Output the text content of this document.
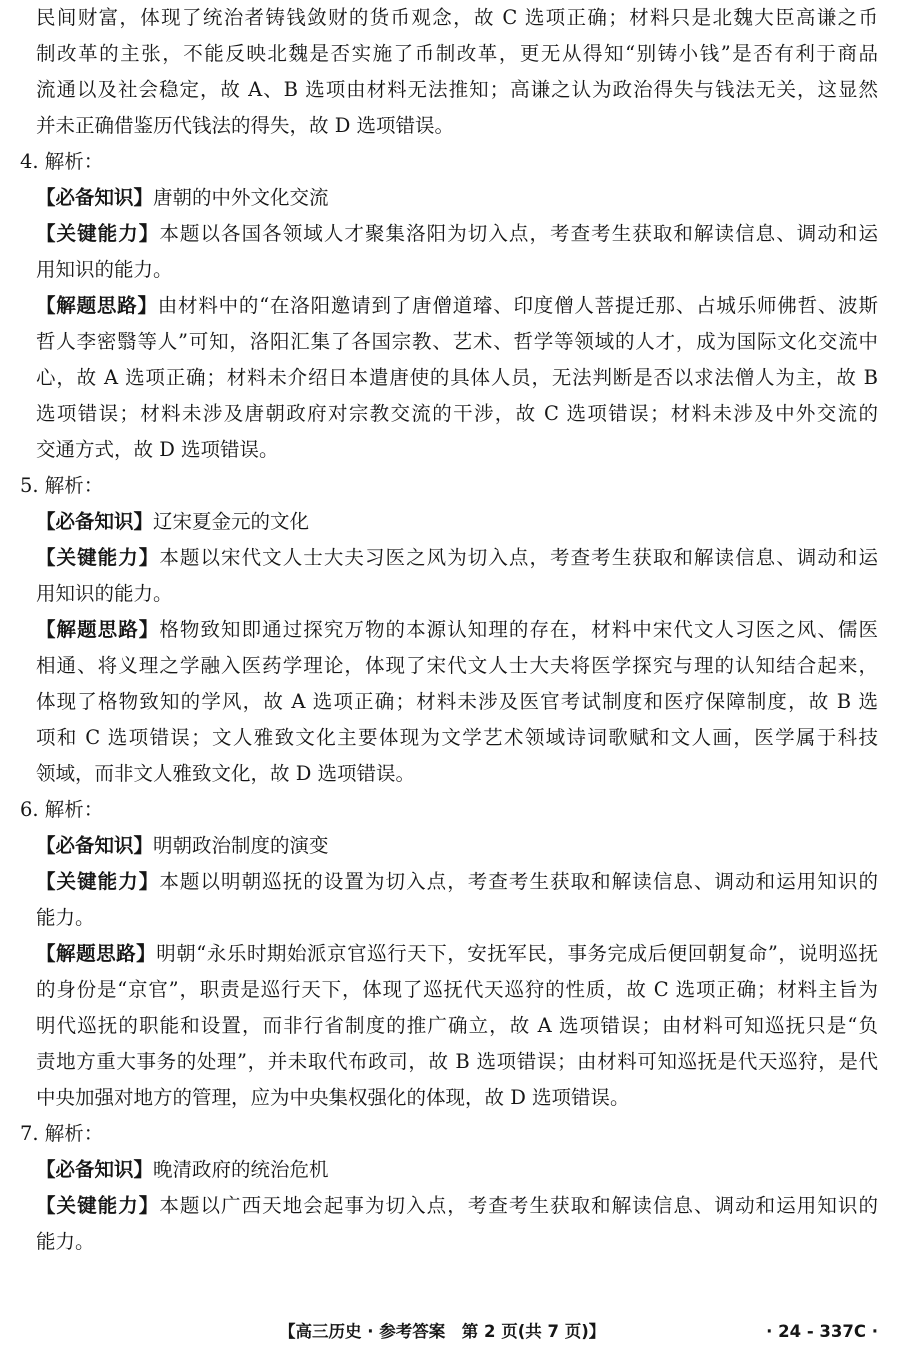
民间财富，体现了统治者铸钱敛财的货币观念，故 C 选项正确；材料只是北魏大臣高谦之币
制改革的主张，不能反映北魏是否实施了币制改革，更无从得知“别铸小钱”是否有利于商品
流通以及社会稳定，故 A、B 选项由材料无法推知；高谦之认为政治得失与钱法无关，这显然
并未正确借鉴历代钱法的得失，故 D 选项错误。
4. 解析：
【必备知识】唐朝的中外文化交流
【关键能力】本题以各国各领域人才聚集洛阳为切入点，考查考生获取和解读信息、调动和运
用知识的能力。
【解题思路】由材料中的“在洛阳邀请到了唐僧道璿、印度僧人菩提迁那、占城乐师佛哲、波斯
哲人李密翳等人”可知，洛阳汇集了各国宗教、艺术、哲学等领域的人才，成为国际文化交流中
心，故 A 选项正确；材料未介绍日本遣唐使的具体人员，无法判断是否以求法僧人为主，故 B
选项错误；材料未涉及唐朝政府对宗教交流的干涉，故 C 选项错误；材料未涉及中外交流的
交通方式，故 D 选项错误。
5. 解析：
【必备知识】辽宋夏金元的文化
【关键能力】本题以宋代文人士大夫习医之风为切入点，考查考生获取和解读信息、调动和运
用知识的能力。
【解题思路】格物致知即通过探究万物的本源认知理的存在，材料中宋代文人习医之风、儒医
相通、将义理之学融入医药学理论，体现了宋代文人士大夫将医学探究与理的认知结合起来，
体现了格物致知的学风，故 A 选项正确；材料未涉及医官考试制度和医疗保障制度，故 B 选
项和 C 选项错误；文人雅致文化主要体现为文学艺术领域诗词歌赋和文人画，医学属于科技
领域，而非文人雅致文化，故 D 选项错误。
6. 解析：
【必备知识】明朝政治制度的演变
【关键能力】本题以明朝巡抚的设置为切入点，考查考生获取和解读信息、调动和运用知识的
能力。
【解题思路】明朝“永乐时期始派京官巡行天下，安抚军民，事务完成后便回朝复命”，说明巡抚
的身份是“京官”，职责是巡行天下，体现了巡抚代天巡狩的性质，故 C 选项正确；材料主旨为
明代巡抚的职能和设置，而非行省制度的推广确立，故 A 选项错误；由材料可知巡抚只是“负
责地方重大事务的处理”，并未取代布政司，故 B 选项错误；由材料可知巡抚是代天巡狩，是代
中央加强对地方的管理，应为中央集权强化的体现，故 D 选项错误。
7. 解析：
【必备知识】晚清政府的统治危机
【关键能力】本题以广西天地会起事为切入点，考查考生获取和解读信息、调动和运用知识的
能力。
【高三历史 · 参考答案　第 2 页(共 7 页)】	· 24 - 337C ·
